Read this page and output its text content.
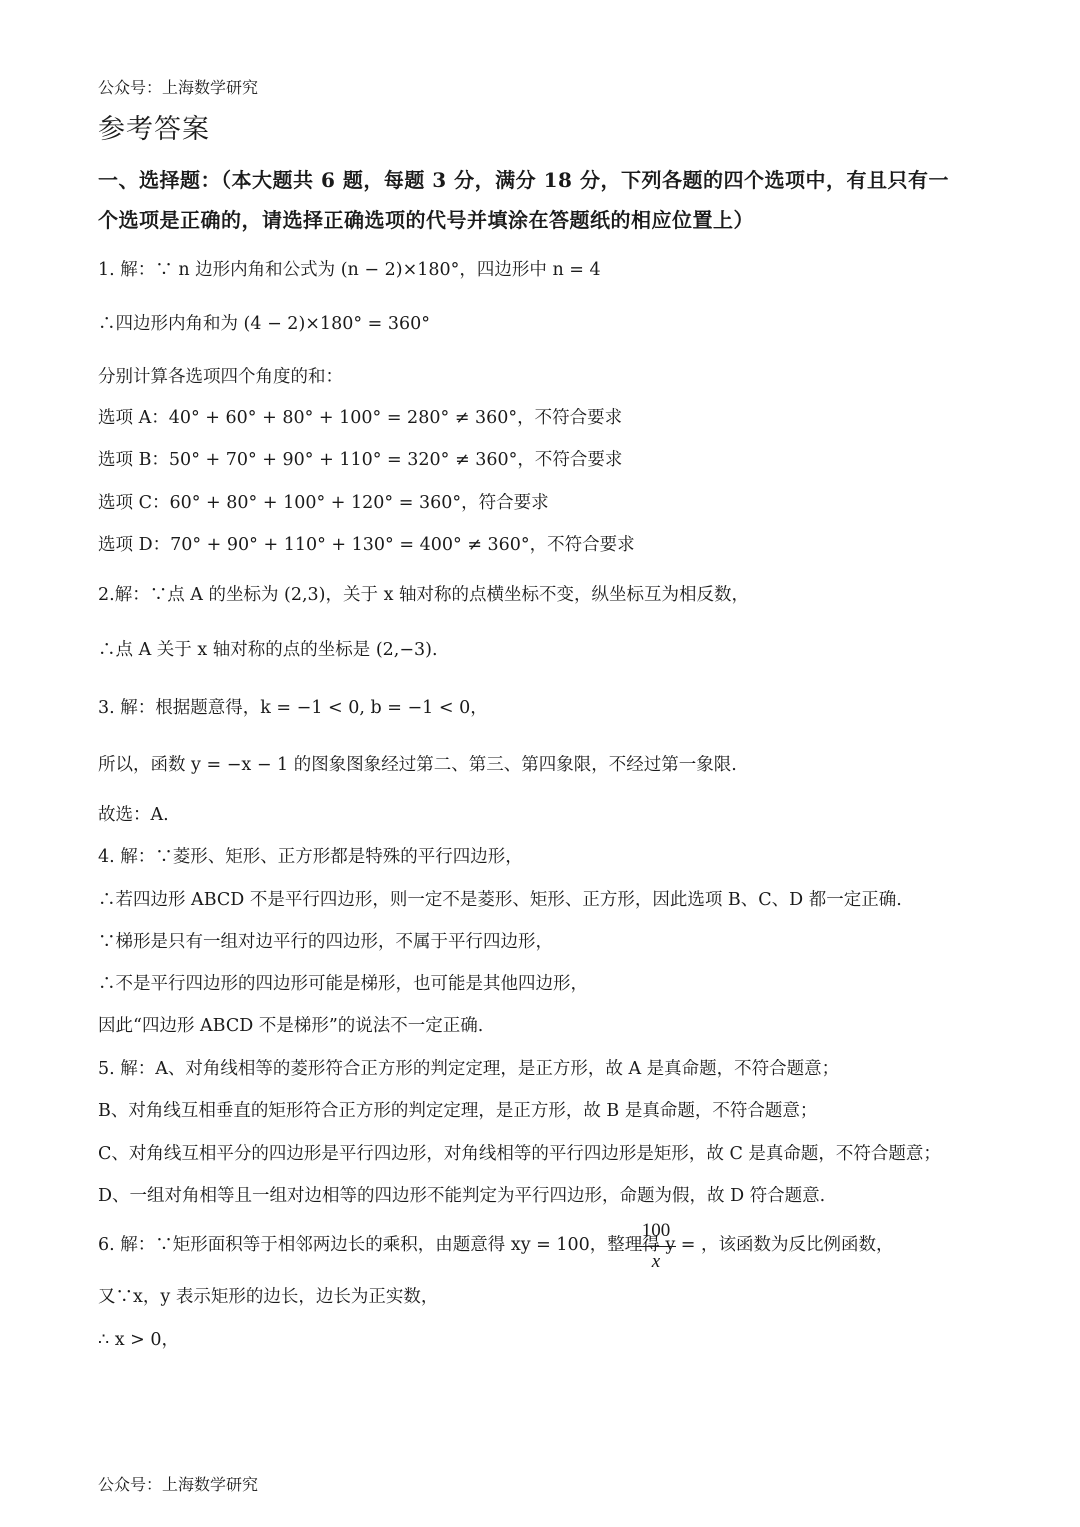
公众号：上海数学研究
参考答案
一、选择题：（本大题共 6 题，每题 3 分，满分 18 分，下列各题的四个选项中，有且只有一
个选项是正确的，请选择正确选项的代号并填涂在答题纸的相应位置上）
1. 解：∵ n 边形内角和公式为 (n − 2)×180°，四边形中 n = 4
∴四边形内角和为 (4 − 2)×180° = 360°
分别计算各选项四个角度的和：
选项 A：40° + 60° + 80° + 100° = 280° ≠ 360°，不符合要求
选项 B：50° + 70° + 90° + 110° = 320° ≠ 360°，不符合要求
选项 C：60° + 80° + 100° + 120° = 360°，符合要求
选项 D：70° + 90° + 110° + 130° = 400° ≠ 360°，不符合要求
2.解：∵点 A 的坐标为 (2,3)，关于 x 轴对称的点横坐标不变，纵坐标互为相反数，
∴点 A 关于 x 轴对称的点的坐标是 (2,−3).
3. 解：根据题意得，k = −1 < 0, b = −1 < 0，
所以，函数 y = −x − 1 的图象图象经过第二、第三、第四象限，不经过第一象限.
故选：A.
4. 解：∵菱形、矩形、正方形都是特殊的平行四边形，
∴若四边形 ABCD 不是平行四边形，则一定不是菱形、矩形、正方形，因此选项 B、C、D 都一定正确.
∵梯形是只有一组对边平行的四边形，不属于平行四边形，
∴不是平行四边形的四边形可能是梯形，也可能是其他四边形，
因此“四边形 ABCD 不是梯形”的说法不一定正确.
5. 解：A、对角线相等的菱形符合正方形的判定定理，是正方形，故 A 是真命题，不符合题意；
B、对角线互相垂直的矩形符合正方形的判定定理，是正方形，故 B 是真命题，不符合题意；
C、对角线互相平分的四边形是平行四边形，对角线相等的平行四边形是矩形，故 C 是真命题，不符合题意；
D、一组对角相等且一组对边相等的四边形不能判定为平行四边形，命题为假，故 D 符合题意.
6. 解：∵矩形面积等于相邻两边长的乘积，由题意得 xy = 100，整理得 y = ，该函数为反比例函数，
又∵x，y 表示矩形的边长，边长为正实数，
∴ x > 0，
100
x
公众号：上海数学研究
